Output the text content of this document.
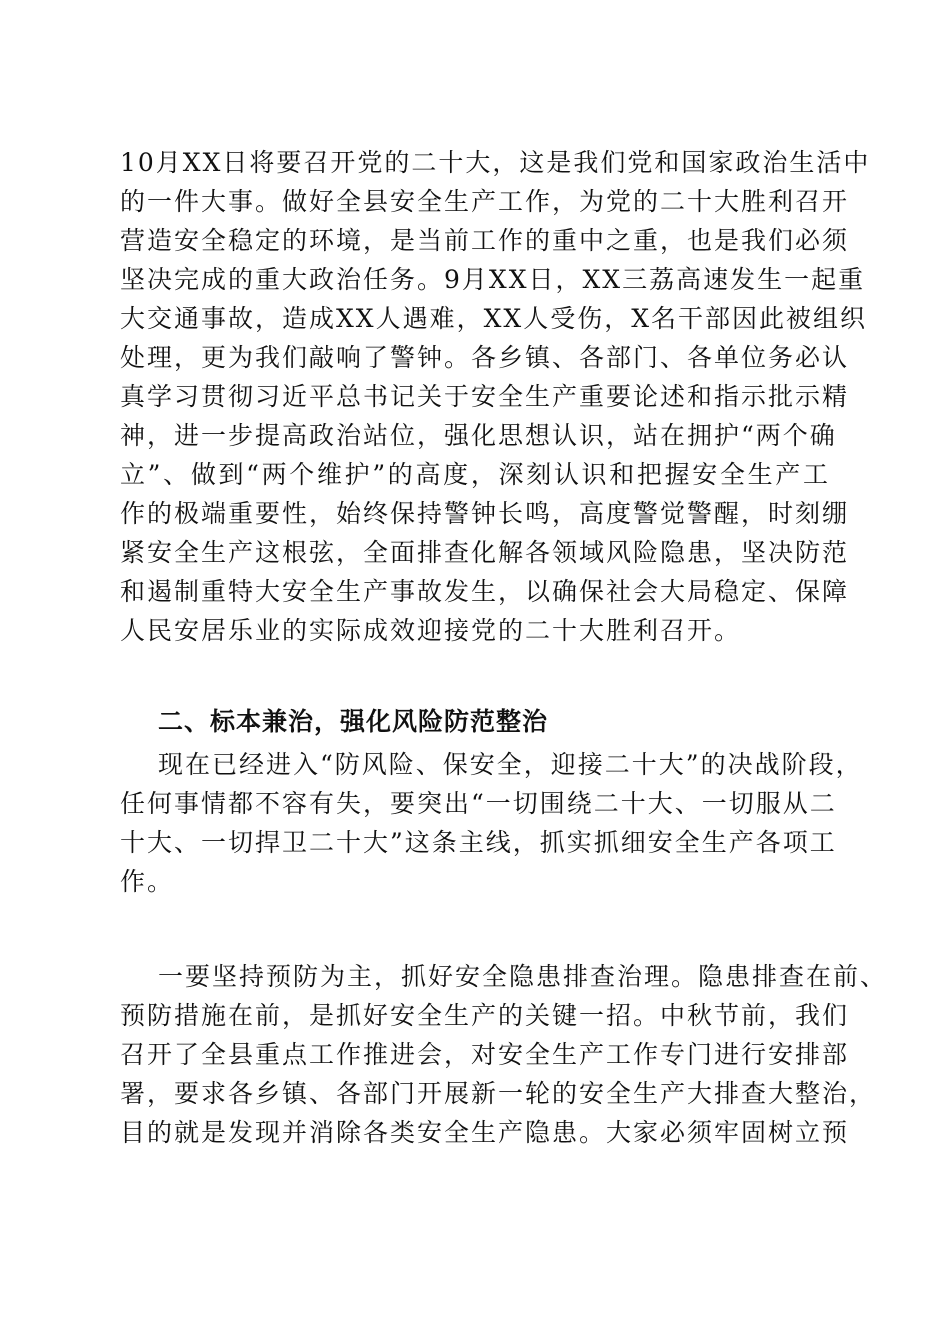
10月XX日将要召开党的二十大，这是我们党和国家政治生活中
的一件大事。做好全县安全生产工作，为党的二十大胜利召开
营造安全稳定的环境，是当前工作的重中之重，也是我们必须
坚决完成的重大政治任务。9月XX日，XX三荔高速发生一起重
大交通事故，造成XX人遇难，XX人受伤，X名干部因此被组织
处理，更为我们敲响了警钟。各乡镇、各部门、各单位务必认
真学习贯彻习近平总书记关于安全生产重要论述和指示批示精
神，进一步提高政治站位，强化思想认识，站在拥护“两个确
立”、做到“两个维护”的高度，深刻认识和把握安全生产工
作的极端重要性，始终保持警钟长鸣，高度警觉警醒，时刻绷
紧安全生产这根弦，全面排查化解各领域风险隐患，坚决防范
和遏制重特大安全生产事故发生，以确保社会大局稳定、保障
人民安居乐业的实际成效迎接党的二十大胜利召开。
二、标本兼治，强化风险防范整治
现在已经进入“防风险、保安全，迎接二十大”的决战阶段，
任何事情都不容有失，要突出“一切围绕二十大、一切服从二
十大、一切捍卫二十大”这条主线，抓实抓细安全生产各项工
作。
一要坚持预防为主，抓好安全隐患排查治理。隐患排查在前、
预防措施在前，是抓好安全生产的关键一招。中秋节前，我们
召开了全县重点工作推进会，对安全生产工作专门进行安排部
署，要求各乡镇、各部门开展新一轮的安全生产大排查大整治，
目的就是发现并消除各类安全生产隐患。大家必须牢固树立预
